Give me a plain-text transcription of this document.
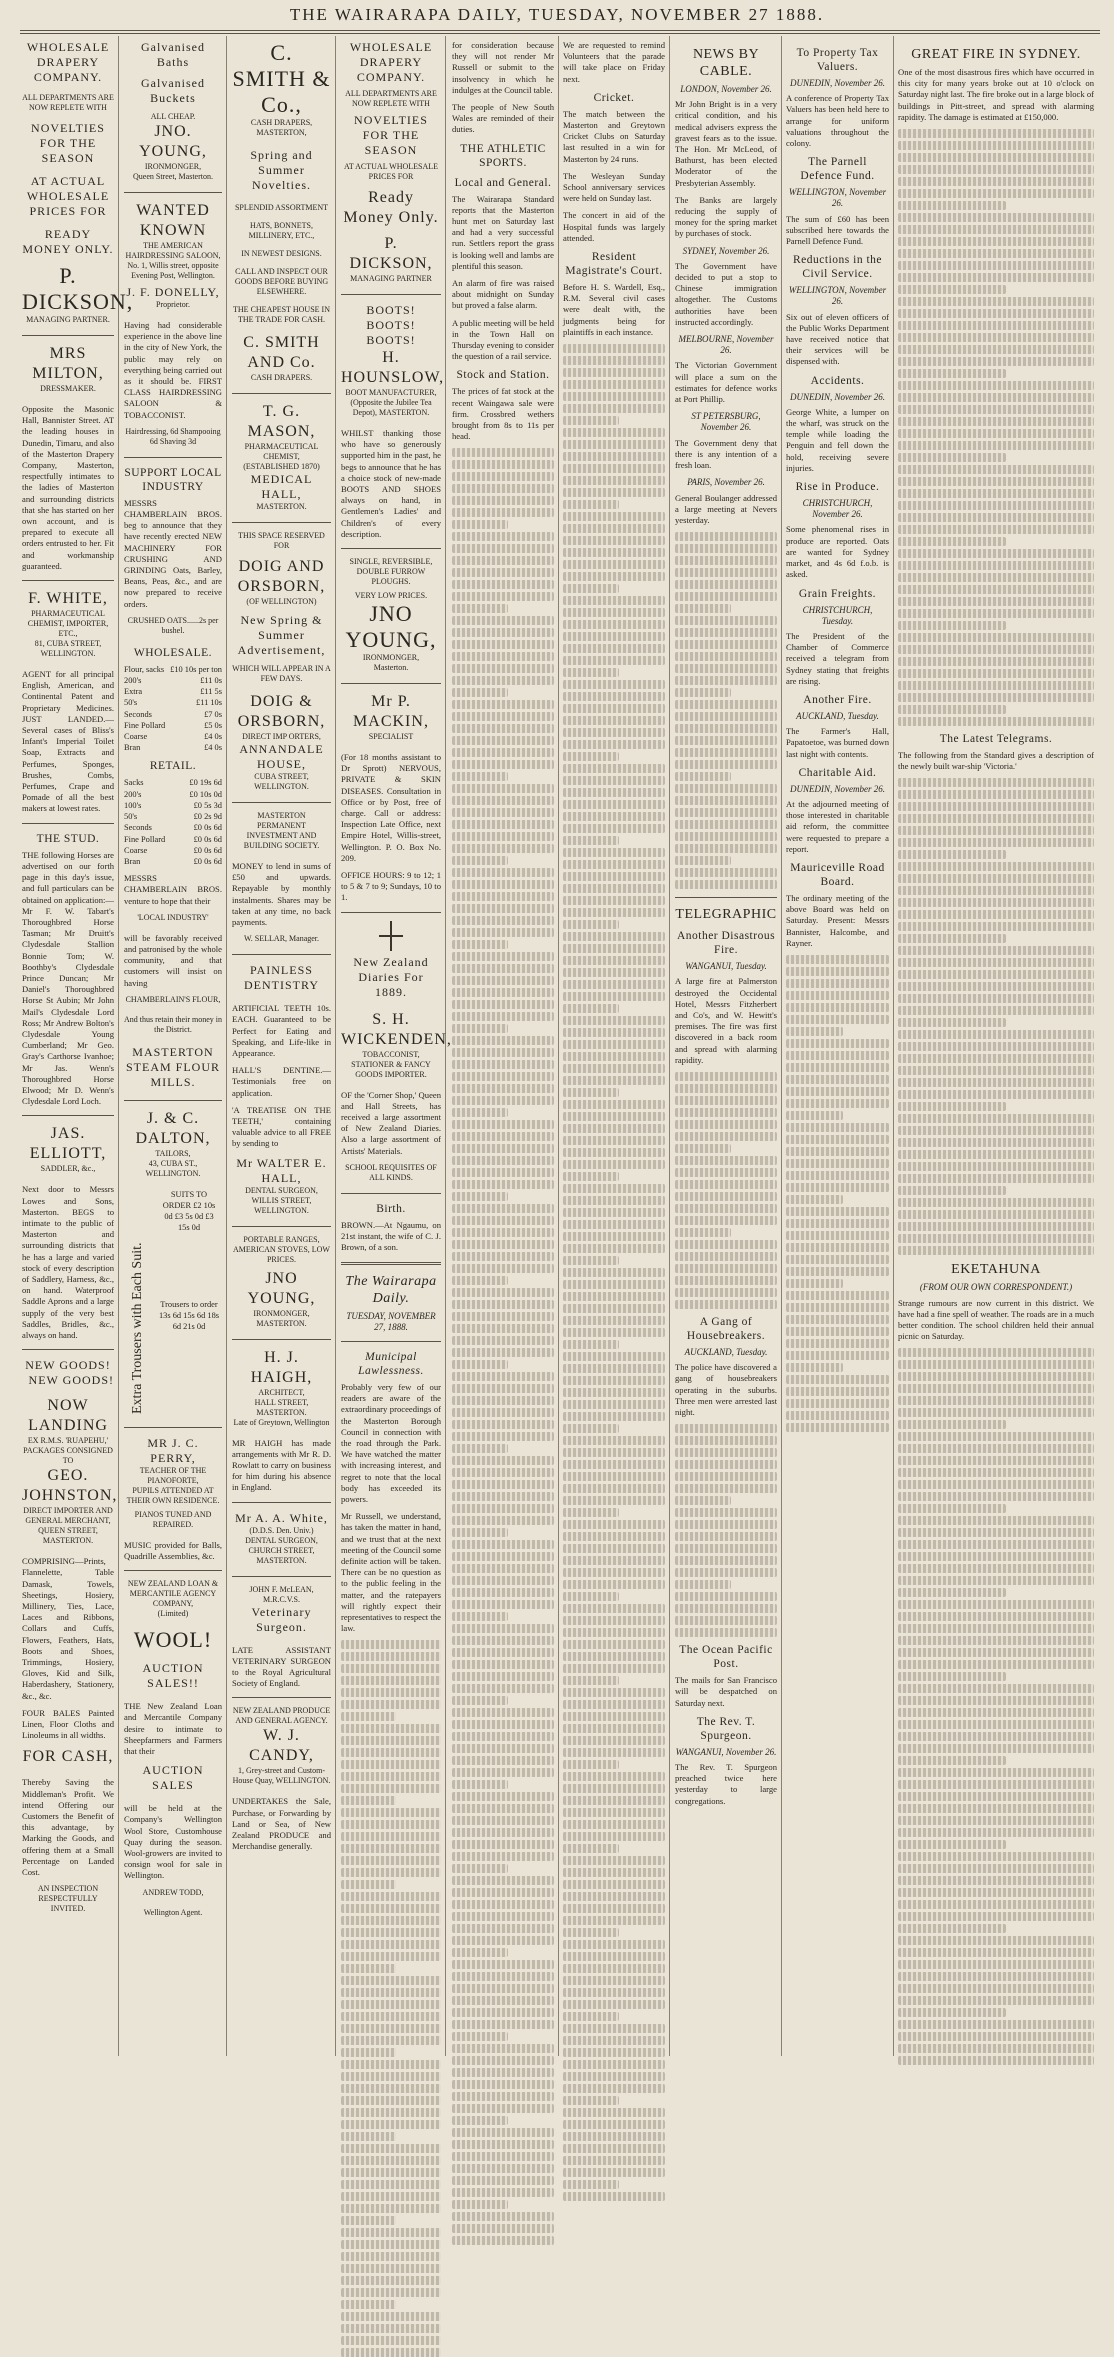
THE WAIRARAPA DAILY, TUESDAY, NOVEMBER 27 1888.
WHOLESALE
DRAPERY
COMPANY.
ALL DEPARTMENTS ARE NOW REPLETE WITH
NOVELTIES FOR THE SEASON
AT ACTUAL WHOLESALE PRICES FOR
READY MONEY ONLY.
P. DICKSON,
MANAGING PARTNER.
MRS MILTON,
DRESSMAKER.

Opposite the Masonic Hall, Bannister Street. AT the leading houses in Dunedin, Timaru, and also of the Masterton Drapery Company, Masterton, respectfully intimates to the ladies of Masterton and surrounding districts that she has started on her own account, and is prepared to execute all orders entrusted to her. Fit and workmanship guaranteed.

F. WHITE,
PHARMACEUTICAL CHEMIST, IMPORTER, ETC.,
81, CUBA STREET, WELLINGTON.

AGENT for all principal English, American, and Continental Patent and Proprietary Medicines. JUST LANDED.—Several cases of Bliss's Infant's Imperial Toilet Soap, Extracts and Perfumes, Sponges, Brushes, Combs, Perfumes, Crape and Pomade of all the best makers at lowest rates.

THE STUD.

THE following Horses are advertised on our forth page in this day's issue, and full particulars can be obtained on application:— Mr F. W. Tabart's Thoroughbred Horse Tasman; Mr Druitt's Clydesdale Stallion Bonnie Tom; W. Boothby's Clydesdale Prince Duncan; Mr Daniel's Thoroughbred Horse St Aubin; Mr John Mail's Clydesdale Lord Ross; Mr Andrew Bolton's Clydesdale Young Cumberland; Mr Geo. Gray's Carthorse Ivanhoe; Mr Jas. Wenn's Thoroughbred Horse Elwood; Mr D. Wenn's Clydesdale Lord Loch.

JAS. ELLIOTT,
SADDLER, &c.,

Next door to Messrs Lowes and Sons, Masterton. BEGS to intimate to the public of Masterton and surrounding districts that he has a large and varied stock of every description of Saddlery, Harness, &c., on hand. Waterproof Saddle Aprons and a large supply of the very best Saddles, Bridles, &c., always on hand.

NEW GOODS!
NEW GOODS!
NOW LANDING
EX R.M.S. 'RUAPEHU,'
PACKAGES CONSIGNED TO
GEO. JOHNSTON,
DIRECT IMPORTER AND GENERAL MERCHANT,
QUEEN STREET, MASTERTON.

COMPRISING—Prints, Flannelette, Table Damask, Towels, Sheetings, Hosiery, Millinery, Ties, Lace, Laces and Ribbons, Collars and Cuffs, Flowers, Feathers, Hats, Boots and Shoes, Trimmings, Hosiery, Gloves, Kid and Silk, Haberdashery, Stationery, &c., &c.

FOUR BALES Painted Linen, Floor Cloths and Linoleums in all widths.

FOR CASH,

Thereby Saving the Middleman's Profit. We intend Offering our Customers the Benefit of this advantage, by Marking the Goods, and offering them at a Small Percentage on Landed Cost.

AN INSPECTION RESPECTFULLY INVITED.
Galvanised Baths
Galvanised Buckets
ALL CHEAP.
JNO. YOUNG,
IRONMONGER,
Queen Street, Masterton.
WANTED KNOWN
THE AMERICAN HAIRDRESSING SALOON,
No. 1, Willis street, opposite Evening Post, Wellington.
J. F. DONELLY,
Proprietor.

Having had considerable experience in the above line in the city of New York, the public may rely on everything being carried out as it should be. FIRST CLASS HAIRDRESSING SALOON & TOBACCONIST.

Hairdressing, 6d Shampooing 6d Shaving 3d
SUPPORT LOCAL INDUSTRY

MESSRS CHAMBERLAIN BROS. beg to announce that they have recently erected NEW MACHINERY FOR CRUSHING AND GRINDING Oats, Barley, Beans, Peas, &c., and are now prepared to receive orders.

CRUSHED OATS......2s per bushel.
WHOLESALE.
Flour, sacks	£10 10s per ton
200's	£11 0s
Extra	£11 5s
50's	£11 10s
Seconds	£7 0s
Fine Pollard	£5 0s
Coarse	£4 0s
Bran	£4 0s
RETAIL.
Sacks	£0 19s 6d
200's	£0 10s 0d
100's	£0 5s 3d
50's	£0 2s 9d
Seconds	£0 0s 6d
Fine Pollard	£0 0s 6d
Coarse	£0 0s 6d
Bran	£0 0s 6d

MESSRS CHAMBERLAIN BROS. venture to hope that their

'LOCAL INDUSTRY'

will be favorably received and patronised by the whole community, and that customers will insist on having

CHAMBERLAIN'S FLOUR,
And thus retain their money in the District.
MASTERTON STEAM FLOUR MILLS.
J. & C. DALTON,
TAILORS,
43, CUBA ST., WELLINGTON.
Extra Trousers with Each Suit.
SUITS TO ORDER £2 10s 0d £3 5s 0d £3 15s 0d
Trousers to order 13s 6d 15s 6d 18s 6d 21s 0d
MR J. C. PERRY,
TEACHER OF THE PIANOFORTE,
PUPILS ATTENDED AT THEIR OWN RESIDENCE.
PIANOS TUNED AND REPAIRED.

MUSIC provided for Balls, Quadrille Assemblies, &c.

NEW ZEALAND LOAN & MERCANTILE AGENCY COMPANY,
(Limited)
WOOL!
AUCTION SALES!!

THE New Zealand Loan and Mercantile Company desire to intimate to Sheepfarmers and Farmers that their

AUCTION SALES

will be held at the Company's Wellington Wool Store, Customhouse Quay during the season. Wool-growers are invited to consign wool for sale in Wellington.

ANDREW TODD,
Wellington Agent.
C. SMITH & Co.,
CASH DRAPERS,
MASTERTON,
Spring and Summer Novelties.
SPLENDID ASSORTMENT
HATS, BONNETS, MILLINERY, ETC.,
IN NEWEST DESIGNS.
CALL AND INSPECT OUR GOODS BEFORE BUYING ELSEWHERE.
THE CHEAPEST HOUSE IN THE TRADE FOR CASH.
C. SMITH AND Co.
CASH DRAPERS.
T. G. MASON,
PHARMACEUTICAL CHEMIST,
(ESTABLISHED 1870)
MEDICAL HALL,
MASTERTON.
THIS SPACE RESERVED FOR
DOIG AND ORSBORN,
(OF WELLINGTON)
New Spring & Summer
Advertisement,
WHICH WILL APPEAR IN A FEW DAYS.
DOIG & ORSBORN,
DIRECT IMP ORTERS,
ANNANDALE HOUSE,
CUBA STREET,
WELLINGTON.
MASTERTON PERMANENT INVESTMENT AND BUILDING SOCIETY.

MONEY to lend in sums of £50 and upwards. Repayable by monthly instalments. Shares may be taken at any time, no back payments.

W. SELLAR, Manager.
PAINLESS DENTISTRY

ARTIFICIAL TEETH 10s. EACH. Guaranteed to be Perfect for Eating and Speaking, and Life-like in Appearance.

HALL'S DENTINE.—Testimonials free on application.

'A TREATISE ON THE TEETH,' containing valuable advice to all FREE by sending to

Mr WALTER E. HALL,
DENTAL SURGEON,
WILLIS STREET, WELLINGTON.
PORTABLE RANGES, AMERICAN STOVES, LOW PRICES.
JNO YOUNG,
IRONMONGER,
MASTERTON.
H. J. HAIGH,
ARCHITECT,
HALL STREET, MASTERTON.
Late of Greytown, Wellington

MR HAIGH has made arrangements with Mr R. D. Rowlatt to carry on business for him during his absence in England.

Mr A. A. White,
(D.D.S. Den. Univ.)
DENTAL SURGEON,
CHURCH STREET, MASTERTON.
JOHN F. McLEAN,
M.R.C.V.S.
Veterinary Surgeon.

LATE ASSISTANT VETERINARY SURGEON to the Royal Agricultural Society of England.

NEW ZEALAND PRODUCE AND GENERAL AGENCY.
W. J. CANDY,
1, Grey-street and Custom-House Quay, WELLINGTON.

UNDERTAKES the Sale, Purchase, or Forwarding by Land or Sea, of New Zealand PRODUCE and Merchandise generally.

WHOLESALE
DRAPERY
COMPANY.
ALL DEPARTMENTS ARE NOW REPLETE WITH
NOVELTIES FOR THE SEASON
AT ACTUAL WHOLESALE PRICES FOR
Ready Money Only.
P. DICKSON,
MANAGING PARTNER
BOOTS! BOOTS! BOOTS!
H. HOUNSLOW,
BOOT MANUFACTURER,
(Opposite the Jubilee Tea Depot), MASTERTON.

WHILST thanking those who have so generously supported him in the past, he begs to announce that he has a choice stock of new-made BOOTS AND SHOES always on hand, in Gentlemen's Ladies' and Children's of every description.

SINGLE, REVERSIBLE, DOUBLE FURROW PLOUGHS.
VERY LOW PRICES.
JNO YOUNG,
IRONMONGER,
Masterton.
Mr P. MACKIN,
SPECIALIST

(For 18 months assistant to Dr Sprott) NERVOUS, PRIVATE & SKIN DISEASES. Consultation in Office or by Post, free of charge. Call or address: Inspection Late Office, next Empire Hotel, Willis-street, Wellington. P. O. Box No. 209.

OFFICE HOURS: 9 to 12; 1 to 5 & 7 to 9; Sundays, 10 to 1.

New Zealand Diaries For 1889.
S. H. WICKENDEN,
TOBACCONIST, STATIONER & FANCY GOODS IMPORTER.

OF the 'Corner Shop,' Queen and Hall Streets, has received a large assortment of New Zealand Diaries. Also a large assortment of Artists' Materials.

SCHOOL REQUISITES OF ALL KINDS.
Birth.

BROWN.—At Ngaumu, on 21st instant, the wife of C. J. Brown, of a son.

The Wairarapa Daily.
TUESDAY, NOVEMBER 27, 1888.
Municipal Lawlessness.

Probably very few of our readers are aware of the extraordinary proceedings of the Masterton Borough Council in connection with the road through the Park. We have watched the matter with increasing interest, and regret to note that the local body has exceeded its powers.

Mr Russell, we understand, has taken the matter in hand, and we trust that at the next meeting of the Council some definite action will be taken. There can be no question as to the public feeling in the matter, and the ratepayers will rightly expect their representatives to respect the law.

for consideration because they will not render Mr Russell or submit to the insolvency in which he indulges at the Council table.

The people of New South Wales are reminded of their duties.

THE ATHLETIC SPORTS.
Local and General.

The Wairarapa Standard reports that the Masterton hunt met on Saturday last and had a very successful run. Settlers report the grass is looking well and lambs are plentiful this season.

An alarm of fire was raised about midnight on Sunday but proved a false alarm.

A public meeting will be held in the Town Hall on Thursday evening to consider the question of a rail service.

Stock and Station.

The prices of fat stock at the recent Waingawa sale were firm. Crossbred wethers brought from 8s to 11s per head.

We are requested to remind Volunteers that the parade will take place on Friday next.

Cricket.

The match between the Masterton and Greytown Cricket Clubs on Saturday last resulted in a win for Masterton by 24 runs.

The Wesleyan Sunday School anniversary services were held on Sunday last.

The concert in aid of the Hospital funds was largely attended.

Resident Magistrate's Court.

Before H. S. Wardell, Esq., R.M. Several civil cases were dealt with, the judgments being for plaintiffs in each instance.

NEWS BY CABLE.
LONDON, November 26.

Mr John Bright is in a very critical condition, and his medical advisers express the gravest fears as to the issue. The Hon. Mr McLeod, of Bathurst, has been elected Moderator of the Presbyterian Assembly.

The Banks are largely reducing the supply of money for the spring market by purchases of stock.

SYDNEY, November 26.

The Government have decided to put a stop to Chinese immigration altogether. The Customs authorities have been instructed accordingly.

MELBOURNE, November 26.

The Victorian Government will place a sum on the estimates for defence works at Port Phillip.

ST PETERSBURG, November 26.

The Government deny that there is any intention of a fresh loan.

PARIS, November 26.

General Boulanger addressed a large meeting at Nevers yesterday.

TELEGRAPHIC
Another Disastrous Fire.
WANGANUI, Tuesday.

A large fire at Palmerston destroyed the Occidental Hotel, Messrs Fitzherbert and Co's, and W. Hewitt's premises. The fire was first discovered in a back room and spread with alarming rapidity.

A Gang of Housebreakers.
AUCKLAND, Tuesday.

The police have discovered a gang of housebreakers operating in the suburbs. Three men were arrested last night.

The Ocean Pacific Post.

The mails for San Francisco will be despatched on Saturday next.

The Rev. T. Spurgeon.
WANGANUI, November 26.

The Rev. T. Spurgeon preached twice here yesterday to large congregations.

To Property Tax Valuers.
DUNEDIN, November 26.

A conference of Property Tax Valuers has been held here to arrange for uniform valuations throughout the colony.

The Parnell Defence Fund.
WELLINGTON, November 26.

The sum of £60 has been subscribed here towards the Parnell Defence Fund.

Reductions in the Civil Service.
WELLINGTON, November 26.

Six out of eleven officers of the Public Works Department have received notice that their services will be dispensed with.

Accidents.
DUNEDIN, November 26.

George White, a lumper on the wharf, was struck on the temple while loading the Penguin and fell down the hold, receiving severe injuries.

Rise in Produce.
CHRISTCHURCH, November 26.

Some phenomenal rises in produce are reported. Oats are wanted for Sydney market, and 4s 6d f.o.b. is asked.

Grain Freights.
CHRISTCHURCH, Tuesday.

The President of the Chamber of Commerce received a telegram from Sydney stating that freights are rising.

Another Fire.
AUCKLAND, Tuesday.

The Farmer's Hall, Papatoetoe, was burned down last night with contents.

Charitable Aid.
DUNEDIN, November 26.

At the adjourned meeting of those interested in charitable aid reform, the committee were requested to prepare a report.

Mauriceville Road Board.

The ordinary meeting of the above Board was held on Saturday. Present: Messrs Bannister, Halcombe, and Rayner.

GREAT FIRE IN SYDNEY.

One of the most disastrous fires which have occurred in this city for many years broke out at 10 o'clock on Saturday night last. The fire broke out in a large block of buildings in Pitt-street, and spread with alarming rapidity. The damage is estimated at £150,000.

The Latest Telegrams.

The following from the Standard gives a description of the newly built war-ship 'Victoria.'

EKETAHUNA
(FROM OUR OWN CORRESPONDENT.)

Strange rumours are now current in this district. We have had a fine spell of weather. The roads are in a much better condition. The school children held their annual picnic on Saturday.
